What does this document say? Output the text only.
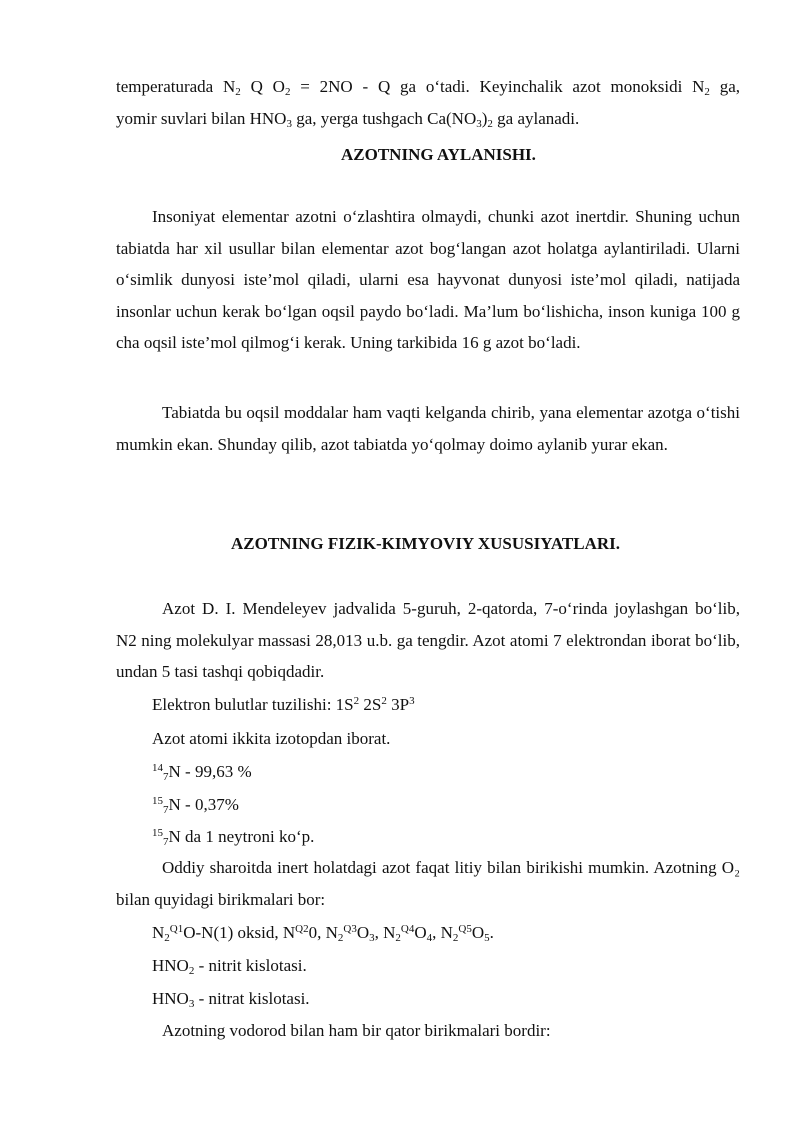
temperaturada $N_2$ Q $O_2 = 2NO - Q$ ga o‘tadi. Keyinchalik azot monoksidi $N_2$ ga,

yomir suvlari bilan $HNO_3$ ga, yerga tushgach $Ca(NO_3)_2$ ga aylanadi.

AZOTNING AYLANISHI.

Insoniyat elementar azotni o‘zlashtira olmaydi, chunki azot inertdir. Shuning uchun tabiatda har xil usullar bilan elementar azot bog‘langan azot holatga aylantiriladi. Ularni o‘simlik dunyosi iste’mol qiladi, ularni esa hayvonat dunyosi iste’mol qiladi, natijada insonlar uchun kerak bo‘lgan oqsil paydo bo‘ladi. Ma’lum bo‘lishicha, inson kuniga 100 g cha oqsil iste’mol qilmog‘i kerak. Uning tarkibida 16 g azot bo‘ladi.

Tabiatda bu oqsil moddalar ham vaqti kelganda chirib, yana elementar azotga o‘tishi mumkin ekan. Shunday qilib, azot tabiatda yo‘qolmay doimo aylanib yurar ekan.

AZOTNING FIZIK-KIMYOVIY XUSUSIYATLARI.

Azot D. I. Mendeleyev jadvalida 5-guruh, 2-qatorda, 7-o‘rinda joylashgan bo‘lib, N2 ning molekulyar massasi 28,013 u.b. ga tengdir. Azot atomi 7 elektrondan iborat bo‘lib, undan 5 tasi tashqi qobiqdadir.

Elektron bulutlar tuzilishi: $1S^2$ $2S^2$ $3P^3$

Azot atomi ikkita izotopdan iborat.

$^{14}_7$N - 99,63 %

$^{15}_7$N - 0,37%

$^{15}_7$N da 1 neytroni ko‘p.

Oddiy sharoitda inert holatdagi azot faqat litiy bilan birikishi mumkin. Azotning O₂ bilan quyidagi birikmalari bor:

$N_2^{Q1}O-N(1)$ oksid, $N^{Q2}0$, $N_2^{Q3}O_3$, $N_2^{Q4}O_4$, $N_2^{Q5}O_5$.

$HNO_2$ - nitrit kislotasi.

$HNO_3$ - nitrat kislotasi.

Azotning vodorod bilan ham bir qator birikmalari bordir:
